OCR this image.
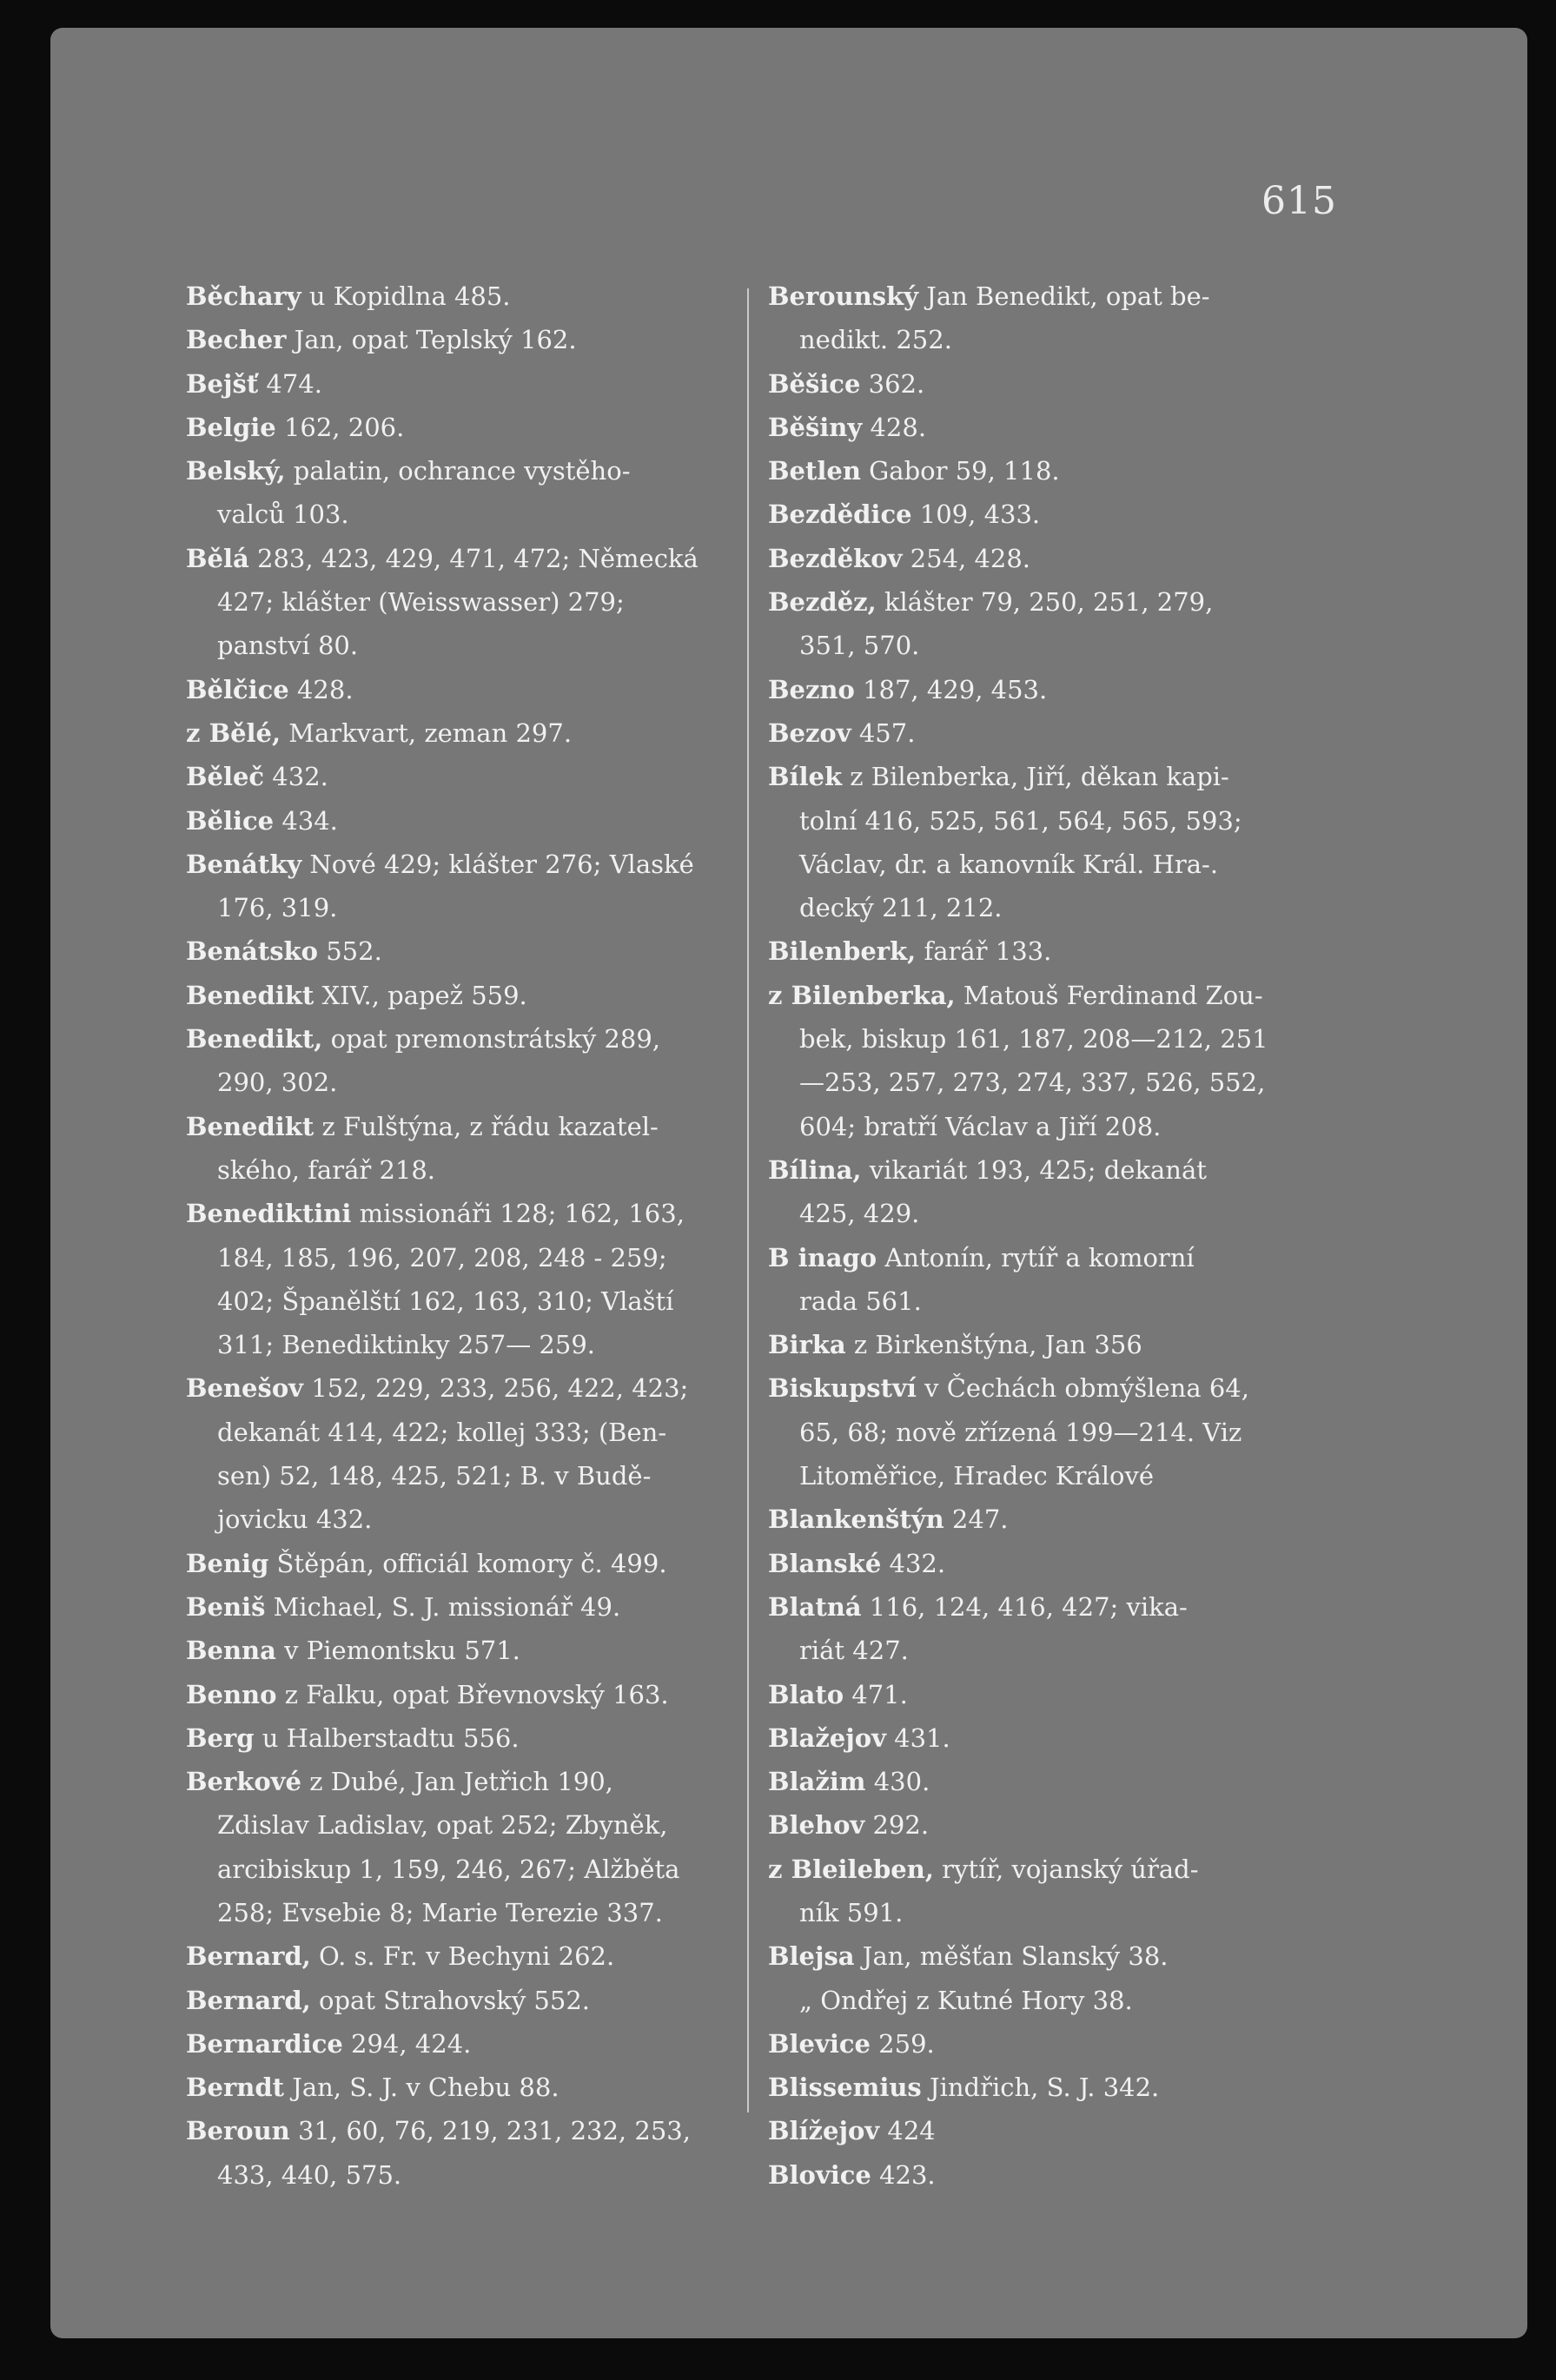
615
Běchary u Kopidlna 485.
Becher Jan, opat Teplský 162.
Bejšť 474.
Belgie 162, 206.
Belský, palatin, ochrance vystěho-
valců 103.
Bělá 283, 423, 429, 471, 472; Německá
427; klášter (Weisswasser) 279;
panství 80.
Bělčice 428.
z Bělé, Markvart, zeman 297.
Běleč 432.
Bělice 434.
Benátky Nové 429; klášter 276; Vlaské
176, 319.
Benátsko 552.
Benedikt XIV., papež 559.
Benedikt, opat premonstrátský 289,
290, 302.
Benedikt z Fulštýna, z řádu kazatel-
ského, farář 218.
Benediktini missionáři 128; 162, 163,
184, 185, 196, 207, 208, 248 - 259;
402; Španělští 162, 163, 310; Vlaští
311; Benediktinky 257— 259.
Benešov 152, 229, 233, 256, 422, 423;
dekanát 414, 422; kollej 333; (Ben-
sen) 52, 148, 425, 521; B. v Budě-
jovicku 432.
Benig Štěpán, officiál komory č. 499.
Beniš Michael, S. J. missionář 49.
Benna v Piemontsku 571.
Benno z Falku, opat Břevnovský 163.
Berg u Halberstadtu 556.
Berkové z Dubé, Jan Jetřich 190,
Zdislav Ladislav, opat 252; Zbyněk,
arcibiskup 1, 159, 246, 267; Alžběta
258; Evsebie 8; Marie Terezie 337.
Bernard, O. s. Fr. v Bechyni 262.
Bernard, opat Strahovský 552.
Bernardice 294, 424.
Berndt Jan, S. J. v Chebu 88.
Beroun 31, 60, 76, 219, 231, 232, 253,
433, 440, 575.
Berounský Jan Benedikt, opat be-
nedikt. 252.
Běšice 362.
Běšiny 428.
Betlen Gabor 59, 118.
Bezdědice 109, 433.
Bezděkov 254, 428.
Bezděz, klášter 79, 250, 251, 279,
351, 570.
Bezno 187, 429, 453.
Bezov 457.
Bílek z Bilenberka, Jiří, děkan kapi-
tolní 416, 525, 561, 564, 565, 593;
Václav, dr. a kanovník Král. Hra-.
decký 211, 212.
Bilenberk, farář 133.
z Bilenberka, Matouš Ferdinand Zou-
bek, biskup 161, 187, 208—212, 251
—253, 257, 273, 274, 337, 526, 552,
604; bratří Václav a Jiří 208.
Bílina, vikariát 193, 425; dekanát
425, 429.
B inago Antonín, rytíř a komorní
rada 561.
Birka z Birkenštýna, Jan 356
Biskupství v Čechách obmýšlena 64,
65, 68; nově zřízená 199—214. Viz
Litoměřice, Hradec Králové
Blankenštýn 247.
Blanské 432.
Blatná 116, 124, 416, 427; vika-
riát 427.
Blato 471.
Blažejov 431.
Blažim 430.
Blehov 292.
z Bleileben, rytíř, vojanský úřad-
ník 591.
Blejsa Jan, měšťan Slanský 38.
„ Ondřej z Kutné Hory 38.
Blevice 259.
Blissemius Jindřich, S. J. 342.
Blížejov 424
Blovice 423.
